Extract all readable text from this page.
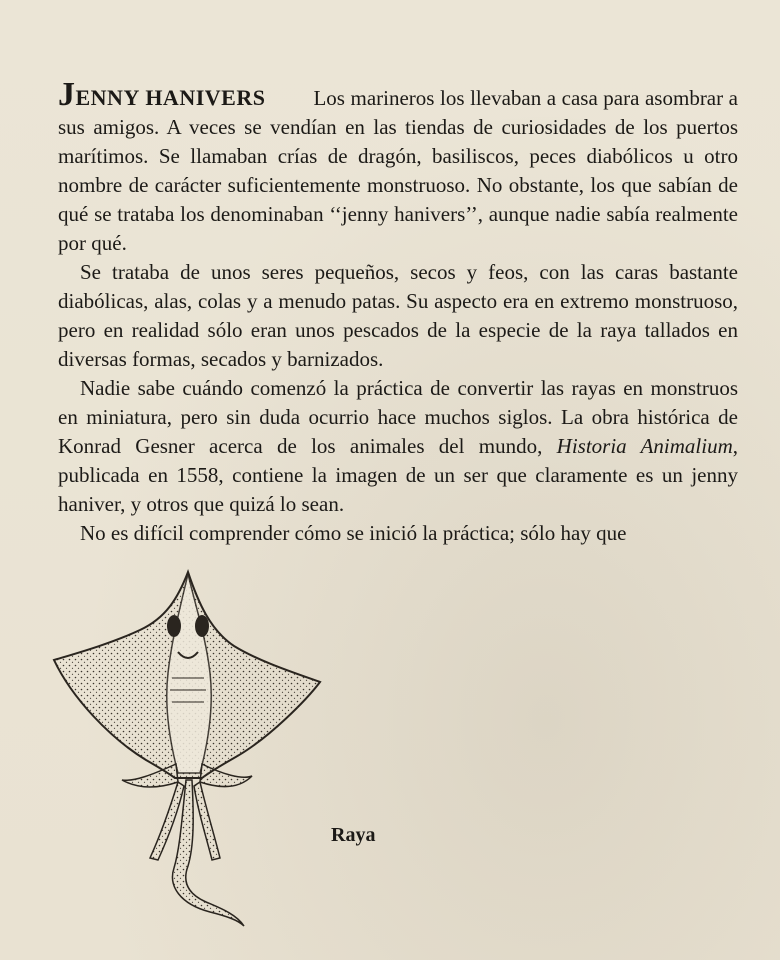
JENNY HANIVERS Los marineros los llevaban a casa para asombrar a sus amigos. A veces se vendían en las tiendas de curiosidades de los puertos marítimos. Se llamaban crías de dragón, basiliscos, peces diabólicos u otro nombre de carácter suficientemente monstruoso. No obstante, los que sabían de qué se trataba los denominaban ‘‘jenny hanivers’’, aunque nadie sabía realmente por qué.

Se trataba de unos seres pequeños, secos y feos, con las caras bastante diabólicas, alas, colas y a menudo patas. Su aspecto era en extremo monstruoso, pero en realidad sólo eran unos pescados de la especie de la raya tallados en diversas formas, secados y barnizados.

Nadie sabe cuándo comenzó la práctica de convertir las rayas en monstruos en miniatura, pero sin duda ocurrio hace muchos siglos. La obra histórica de Konrad Gesner acerca de los animales del mundo, Historia Animalium, publicada en 1558, contiene la imagen de un ser que claramente es un jenny haniver, y otros que quizá lo sean.

No es difícil comprender cómo se inició la práctica; sólo hay que

Raya
